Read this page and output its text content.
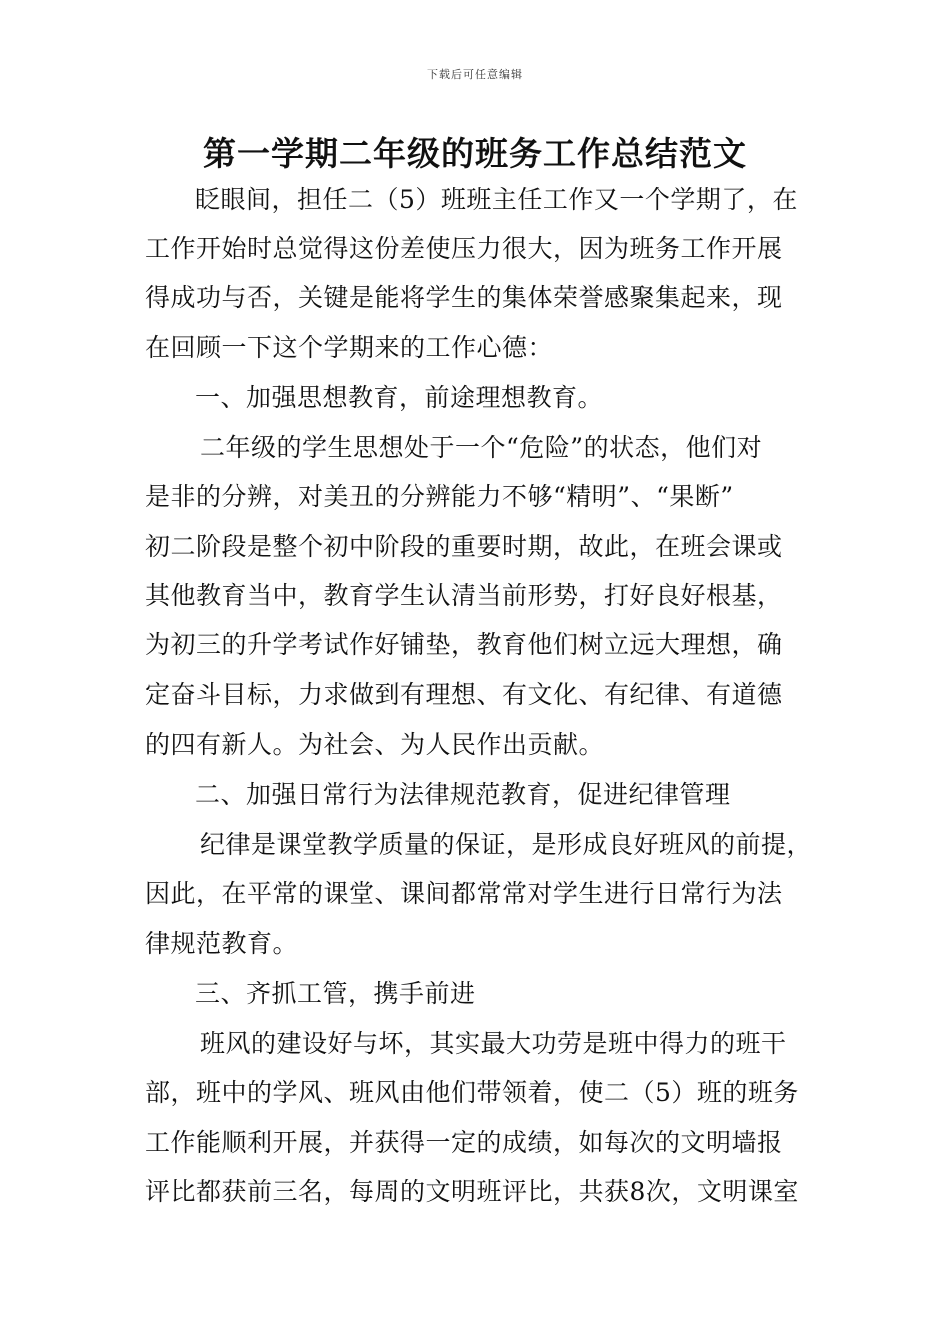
下载后可任意编辑
第一学期二年级的班务工作总结范文
眨眼间，担任二（5）班班主任工作又一个学期了，在
工作开始时总觉得这份差使压力很大，因为班务工作开展
得成功与否，关键是能将学生的集体荣誉感聚集起来，现
在回顾一下这个学期来的工作心德：
一、加强思想教育，前途理想教育。
二年级的学生思想处于一个“危险”的状态，他们对
是非的分辨，对美丑的分辨能力不够“精明”、“果断”
初二阶段是整个初中阶段的重要时期，故此，在班会课或
其他教育当中，教育学生认清当前形势，打好良好根基，
为初三的升学考试作好铺垫，教育他们树立远大理想，确
定奋斗目标，力求做到有理想、有文化、有纪律、有道德
的四有新人。为社会、为人民作出贡献。
二、加强日常行为法律规范教育，促进纪律管理
纪律是课堂教学质量的保证，是形成良好班风的前提，
因此，在平常的课堂、课间都常常对学生进行日常行为法
律规范教育。
三、齐抓工管，携手前进
班风的建设好与坏，其实最大功劳是班中得力的班干
部，班中的学风、班风由他们带领着，使二（5）班的班务
工作能顺利开展，并获得一定的成绩，如每次的文明墙报
评比都获前三名，每周的文明班评比，共获8次，文明课室
